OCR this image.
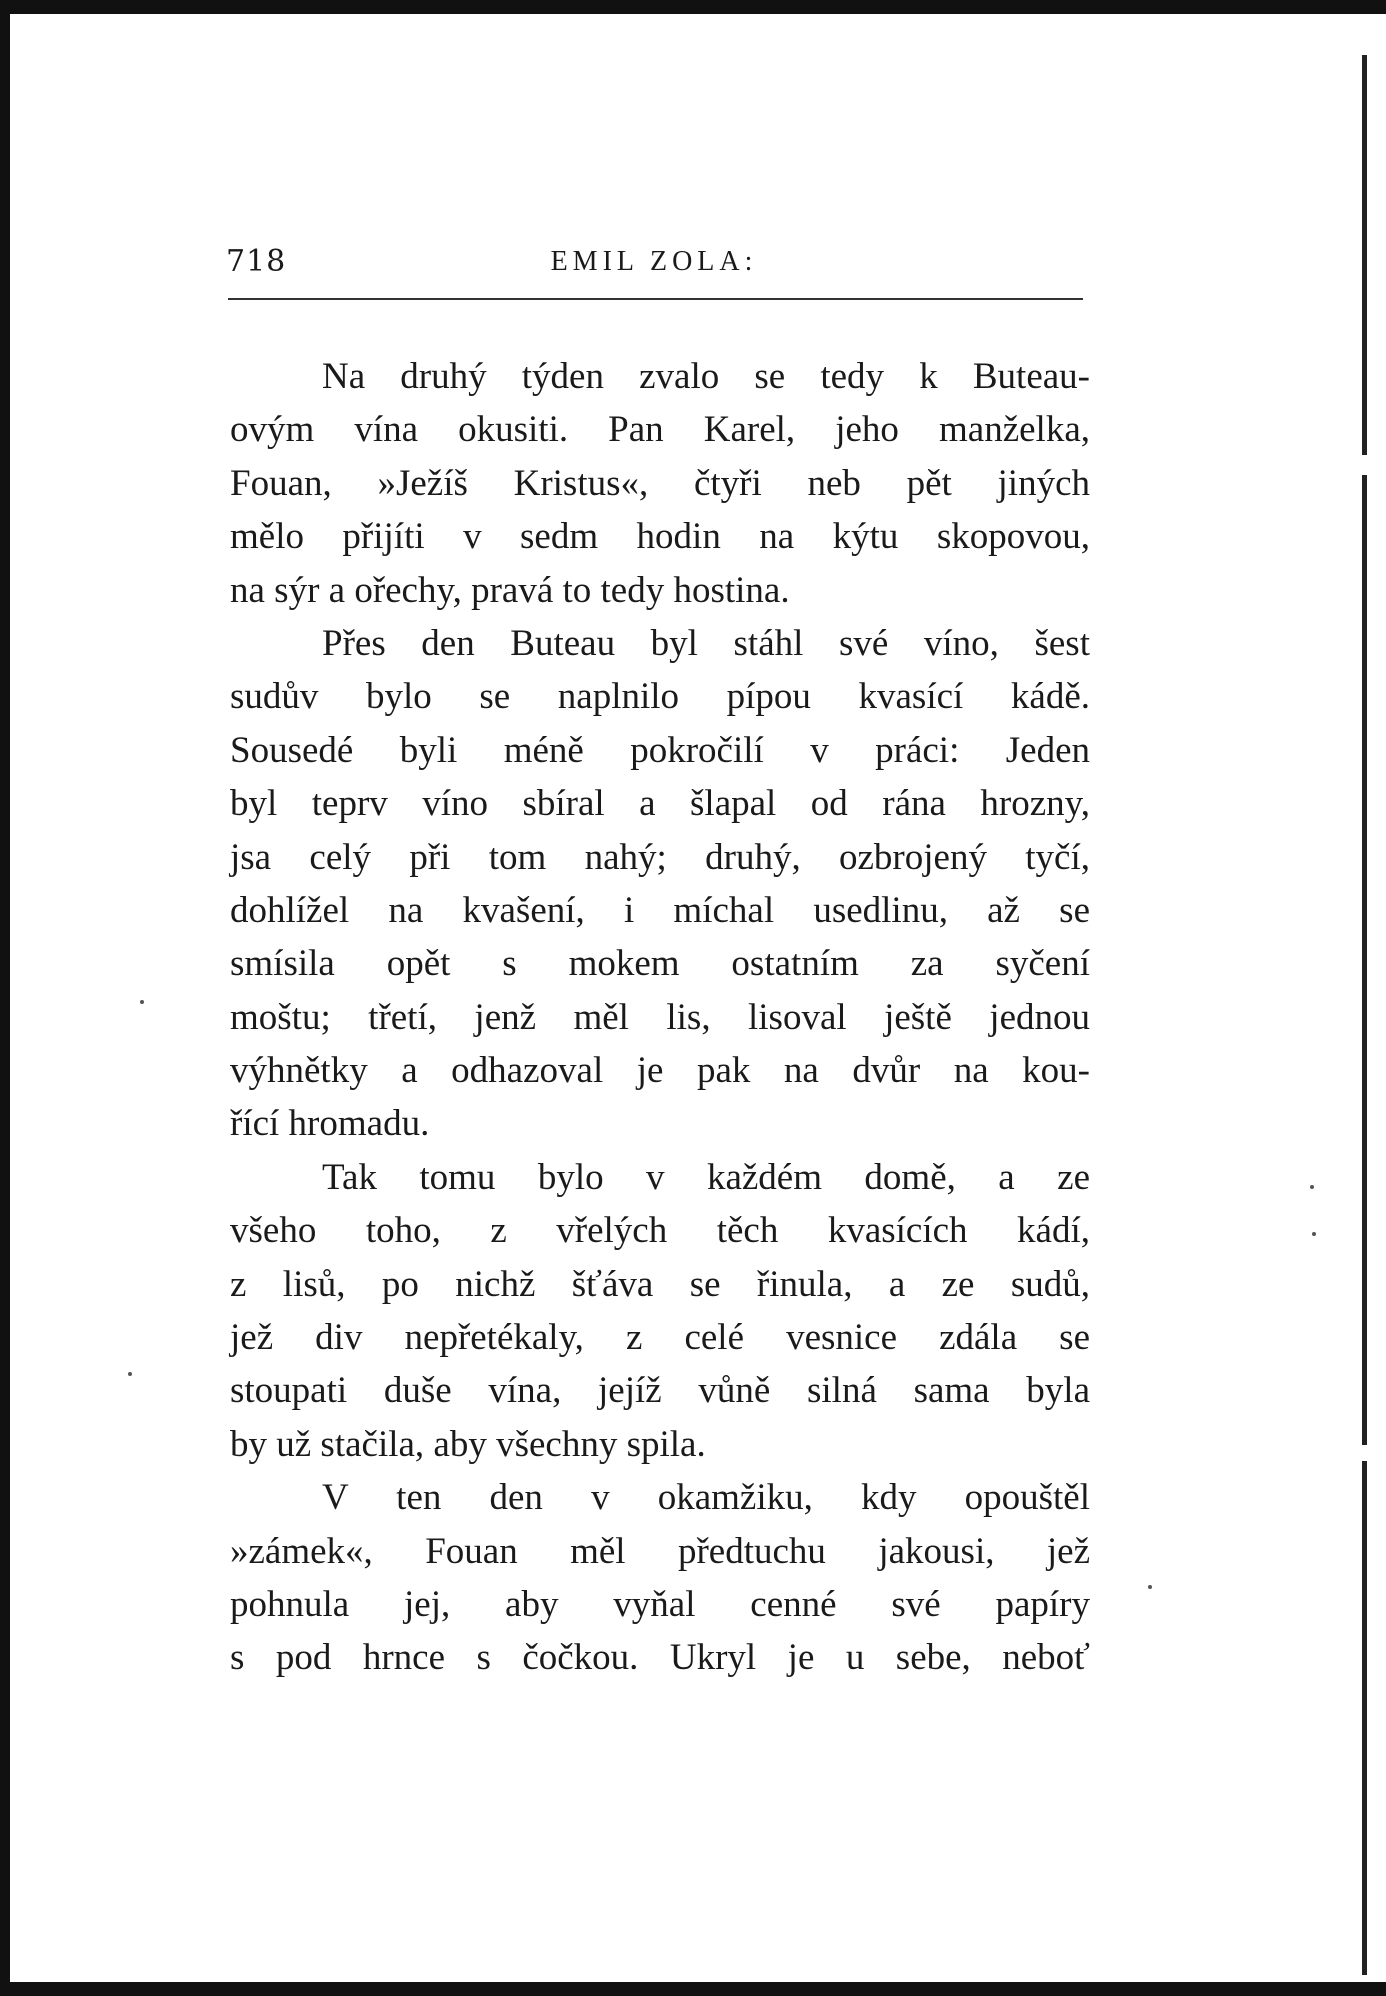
718	EMIL ZOLA:
Na druhý týden zvalo se tedy k Buteau-
ovým vína okusiti. Pan Karel, jeho manželka,
Fouan, »Ježíš Kristus«, čtyři neb pět jiných
mělo přijíti v sedm hodin na kýtu skopovou,
na sýr a ořechy, pravá to tedy hostina.
Přes den Buteau byl stáhl své víno, šest
sudův bylo se naplnilo pípou kvasící kádě.
Sousedé byli méně pokročilí v práci: Jeden
byl teprv víno sbíral a šlapal od rána hrozny,
jsa celý při tom nahý; druhý, ozbrojený tyčí,
dohlížel na kvašení, i míchal usedlinu, až se
smísila opět s mokem ostatním za syčení
moštu; třetí, jenž měl lis, lisoval ještě jednou
výhnětky a odhazoval je pak na dvůr na kou-
řící hromadu.
Tak tomu bylo v každém domě, a ze
všeho toho, z vřelých těch kvasících kádí,
z lisů, po nichž šťáva se řinula, a ze sudů,
jež div nepřetékaly, z celé vesnice zdála se
stoupati duše vína, jejíž vůně silná sama byla
by už stačila, aby všechny spila.
V ten den v okamžiku, kdy opouštěl
»zámek«, Fouan měl předtuchu jakousi, jež
pohnula jej, aby vyňal cenné své papíry
s pod hrnce s čočkou. Ukryl je u sebe, neboť
